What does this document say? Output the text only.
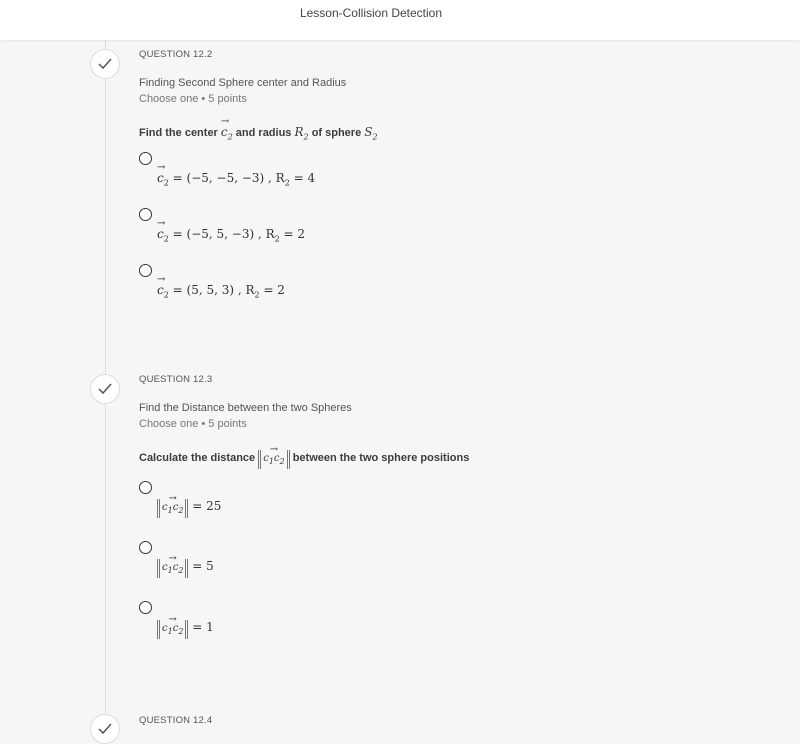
Lesson-Collision Detection
QUESTION 12.2
Finding Second Sphere center and Radius
Choose one • 5 points
Find the center → $c_2$ and radius $R_2$ of sphere $S_2$
→ $c_2 = (-5$, −5, −3) , $R_2 = 4$
→ $c_2 = (-5$, 5, −3) , $R_2 = 2$
→ $c_2 = (5$, 5, 3) , $R_2 = 2$
QUESTION 12.3
Find the Distance between the two Spheres
Choose one • 5 points
Calculate the distance → $c_1c_2$ between the two sphere positions
→ $c_1c_2 = 25$
→ $c_1c_2 = 5$
→ $c_1c_2 = 1$
QUESTION 12.4
